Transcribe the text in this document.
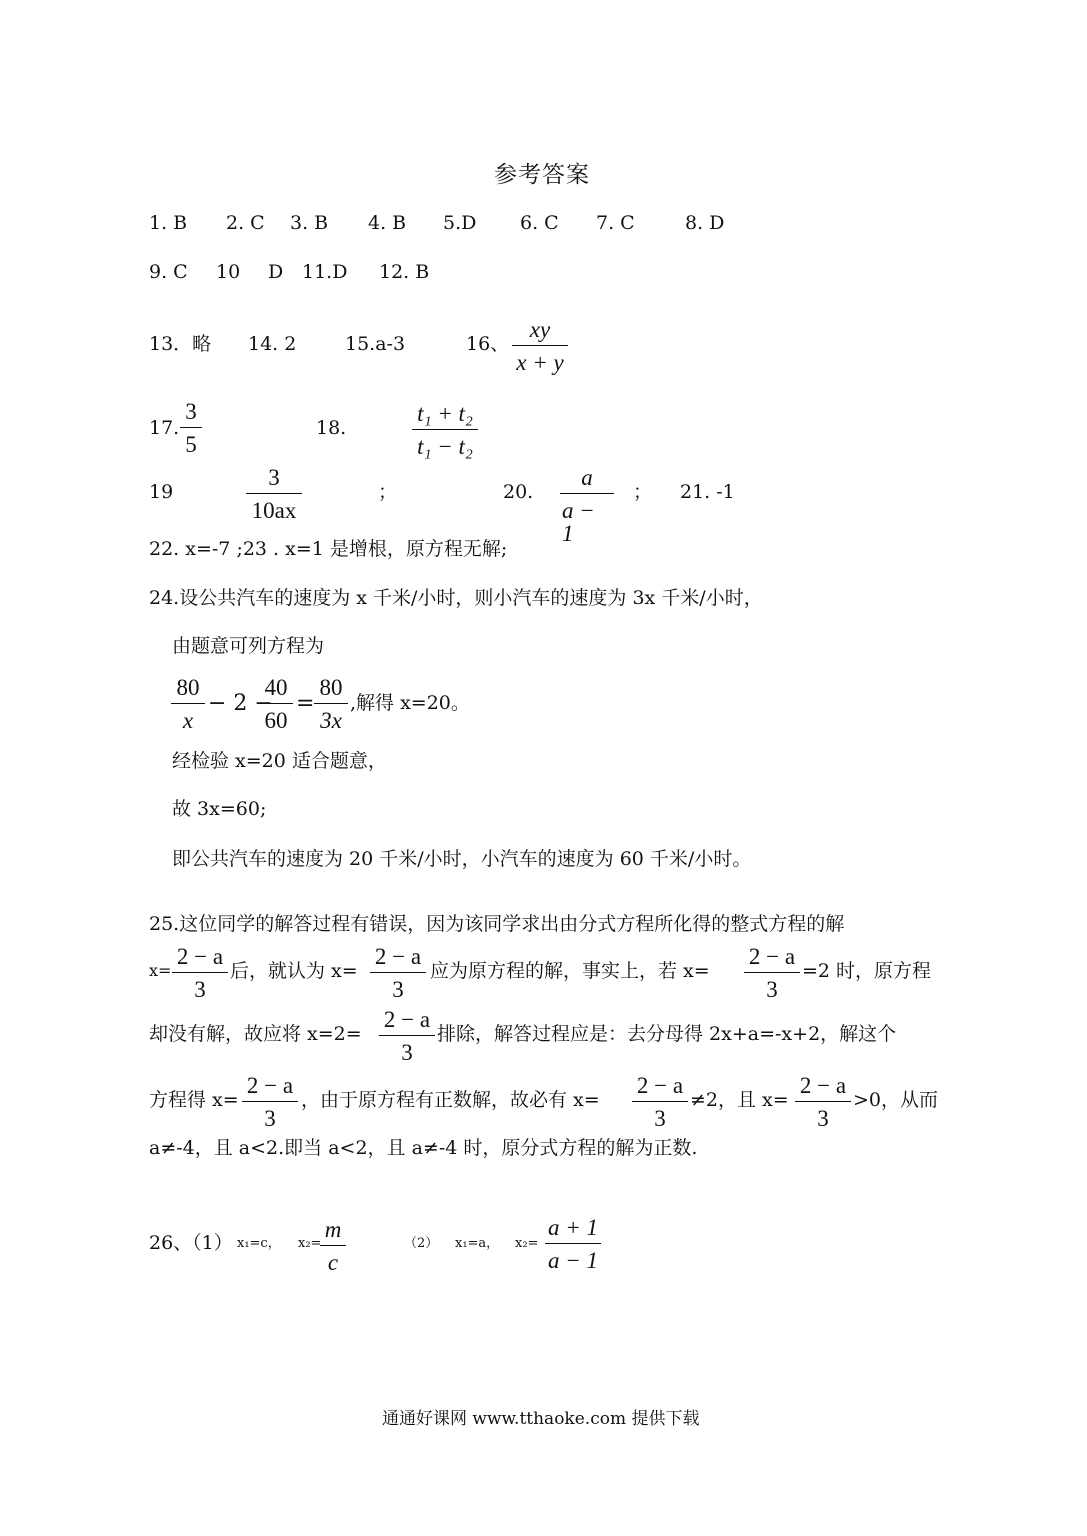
参考答案
1. B 2. C 3. B 4. B 5.D 6. C 7. C	8. D
9. C 10 D 11.D 12. B
13．略 14. 2	15.a-3	16、
xy
x + y
17.
3
5
18.
t₁ + t₂
t₁ − t₂
19
3
10ax
；	20.
a
a − 1
； 21. -1
22. x=-7 ;23 . x=1 是增根，原方程无解;
24.设公共汽车的速度为 x 千米/小时，则小汽车的速度为 3x 千米/小时，
由题意可列方程为
80
x
− 2 −
40
60
=
80
3x
,解得 x=20。
经检验 x=20 适合题意，
故 3x=60;
即公共汽车的速度为 20 千米/小时，小汽车的速度为 60 千米/小时。
25.这位同学的解答过程有错误，因为该同学求出由分式方程所化得的整式方程的解
x=
2 − a
3
后，就认为 x=
2 − a
3
应为原方程的解，事实上，若 x=
2 − a
3
=2 时，原方程
却没有解，故应将 x=2=
2 − a
3
排除，解答过程应是：去分母得 2x+a=-x+2，解这个
方程得 x=
2 − a
3
，由于原方程有正数解，故必有 x=
2 − a
3
≠2，且 x=
2 − a
3
>0，从而
a≠-4，且 a<2.即当 a<2，且 a≠-4 时，原分式方程的解为正数.
26、（1） x₁=c， x₂=
m
c
（2） x₁=a， x₂=
a + 1
a − 1
通通好课网 www.tthaoke.com 提供下载
